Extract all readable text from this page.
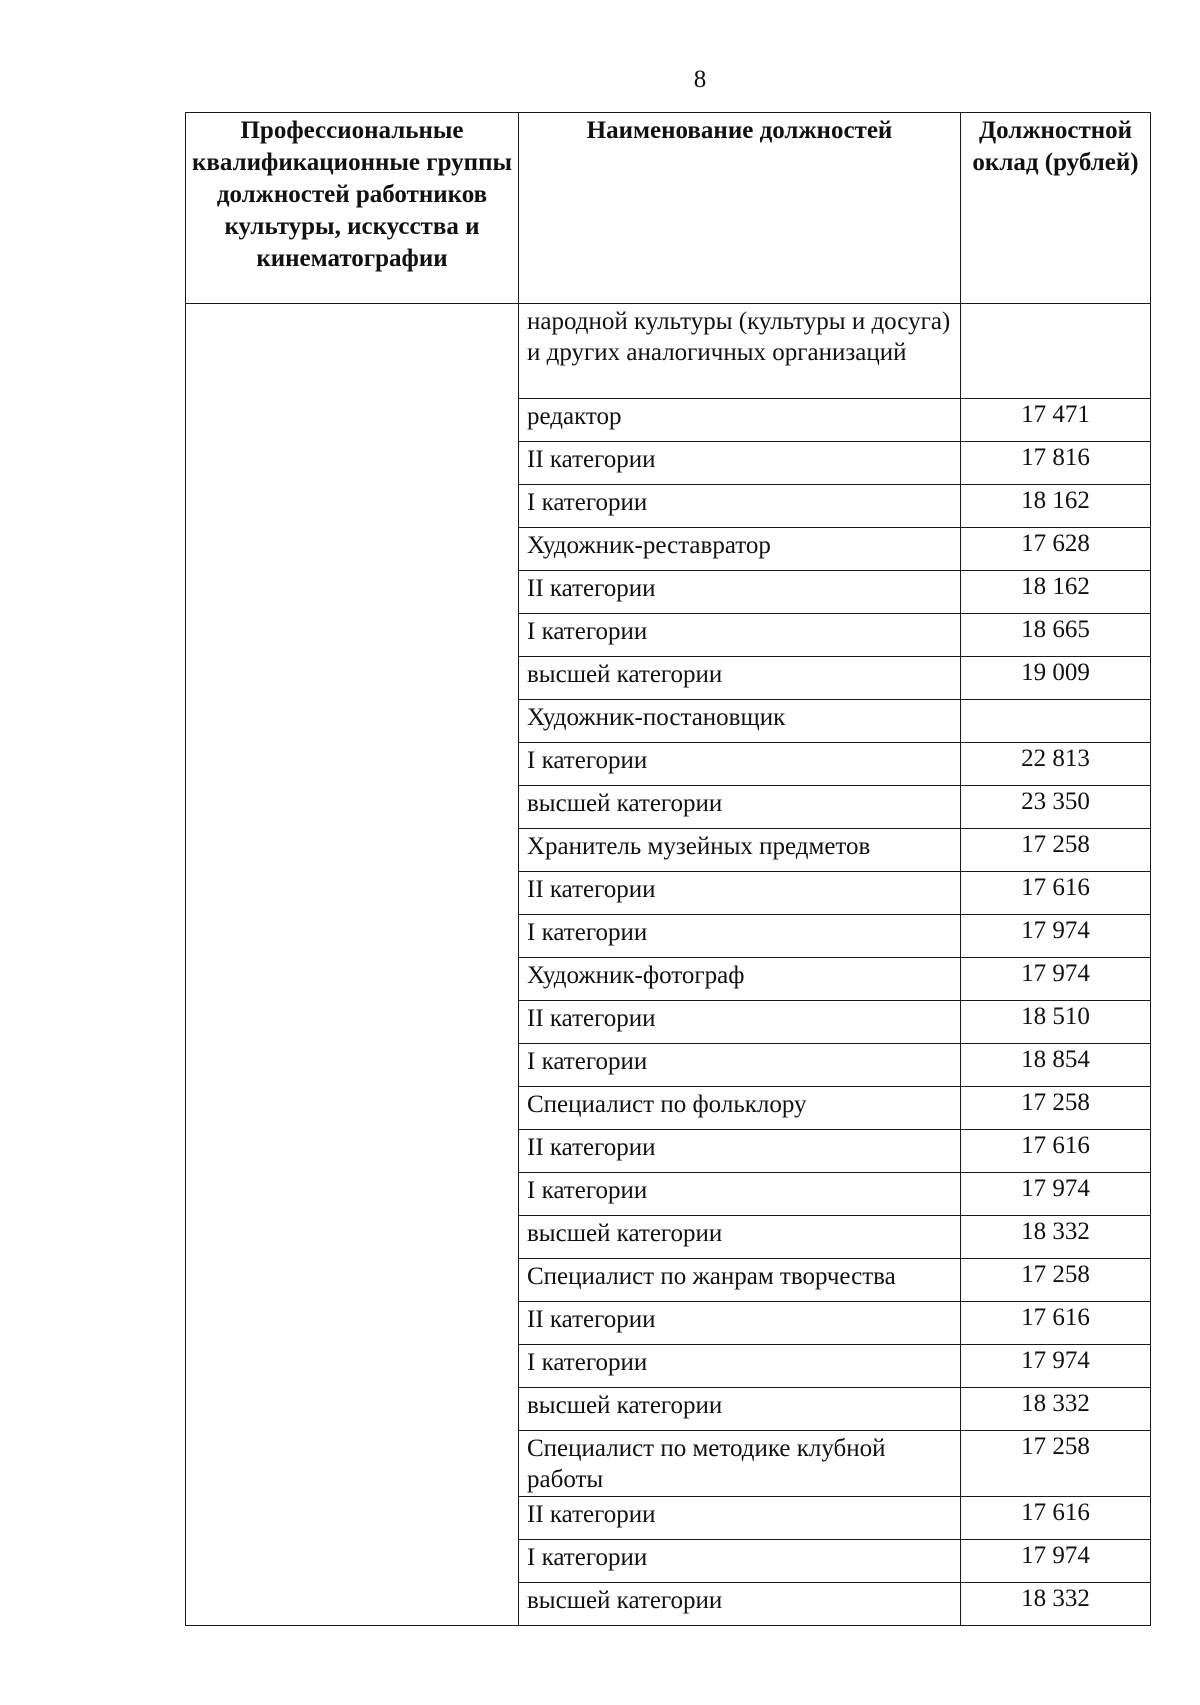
8
Профессиональные квалификационные группы должностей работников культуры, искусства и кинематографии	Наименование должностей	Должностной оклад (рублей)
	народной культуры (культуры и досуга) и других аналогичных организаций	
	редактор	17 471
	II категории	17 816
	I категории	18 162
	Художник-реставратор	17 628
	II категории	18 162
	I категории	18 665
	высшей категории	19 009
	Художник-постановщик	
	I категории	22 813
	высшей категории	23 350
	Хранитель музейных предметов	17 258
	II категории	17 616
	I категории	17 974
	Художник-фотограф	17 974
	II категории	18 510
	I категории	18 854
	Специалист по фольклору	17 258
	II категории	17 616
	I категории	17 974
	высшей категории	18 332
	Специалист по жанрам творчества	17 258
	II категории	17 616
	I категории	17 974
	высшей категории	18 332
	Специалист по методике клубной работы	17 258
	II категории	17 616
	I категории	17 974
	высшей категории	18 332
